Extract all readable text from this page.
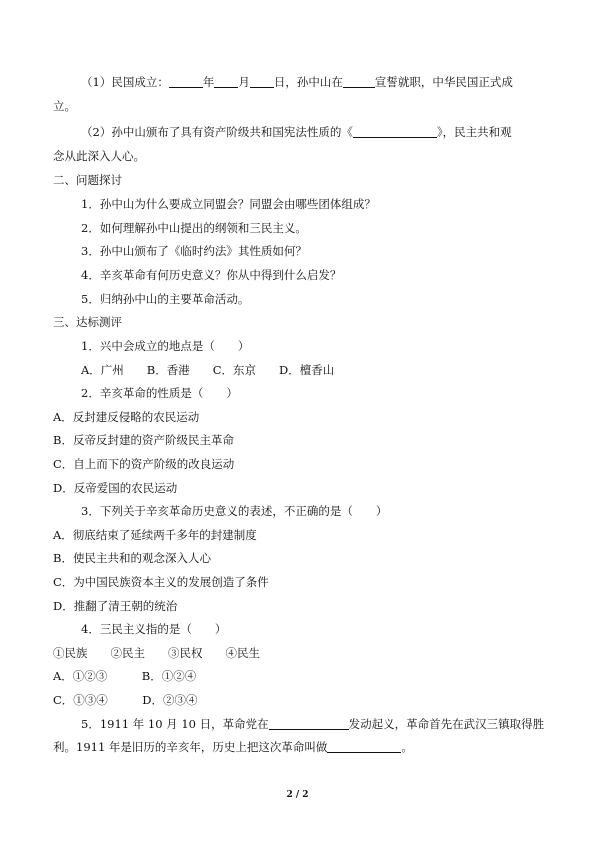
（1）民国成立：	年 月 日，孙中山在	宣誓就职，中华民国正式成
立。
（2）孙中山颁布了具有资产阶级共和国宪法性质的《	》，民主共和观
念从此深入人心。
二、问题探讨
1．孙中山为什么要成立同盟会？同盟会由哪些团体组成？
2．如何理解孙中山提出的纲领和三民主义。
3．孙中山颁布了《临时约法》其性质如何？
4．辛亥革命有何历史意义？你从中得到什么启发？
5．归纳孙中山的主要革命活动。
三、达标测评
1．兴中会成立的地点是（　　）
A．广州　　B．香港　　C．东京　　D．檀香山
2．辛亥革命的性质是（　　）
A．反封建反侵略的农民运动
B．反帝反封建的资产阶级民主革命
C．自上而下的资产阶级的改良运动
D．反帝爱国的农民运动
3．下列关于辛亥革命历史意义的表述，不正确的是（　　）
A．彻底结束了延续两千多年的封建制度
B．使民主共和的观念深入人心
C．为中国民族资本主义的发展创造了条件
D．推翻了清王朝的统治
4．三民主义指的是（　　）
①民族　　②民主　　③民权　　④民生
A．①②③　　　B．①②④
C．①③④　　　D．②③④
5．1911 年 10 月 10 日，革命党在	发动起义，革命首先在武汉三镇取得胜
利。1911 年是旧历的辛亥年，历史上把这次革命叫做	。
2 / 2
